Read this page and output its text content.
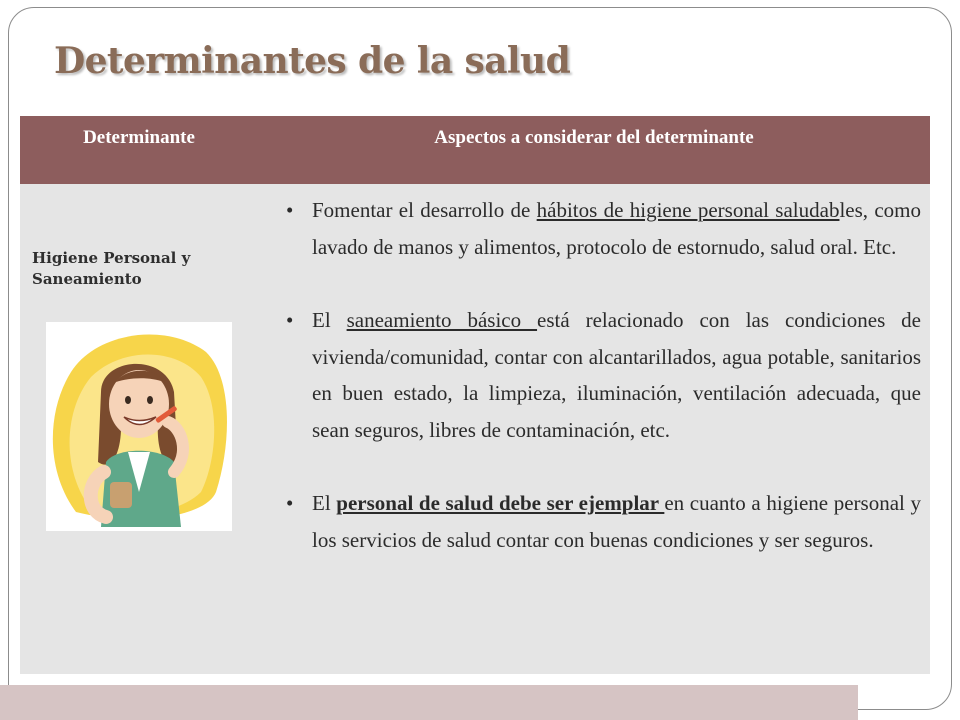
Determinantes de la salud
Determinante	Aspectos a considerar del determinante
Higiene Personal y Saneamiento
• Fomentar el desarrollo de hábitos de higiene personal saludables, como lavado de manos y alimentos, protocolo de estornudo, salud oral. Etc.
• El saneamiento básico está relacionado con las condiciones de vivienda/comunidad, contar con alcantarillados, agua potable, sanitarios en buen estado, la limpieza, iluminación, ventilación adecuada, que sean seguros, libres de contaminación, etc.
• El personal de salud debe ser ejemplar en cuanto a higiene personal y los servicios de salud contar con buenas condiciones y ser seguros.
